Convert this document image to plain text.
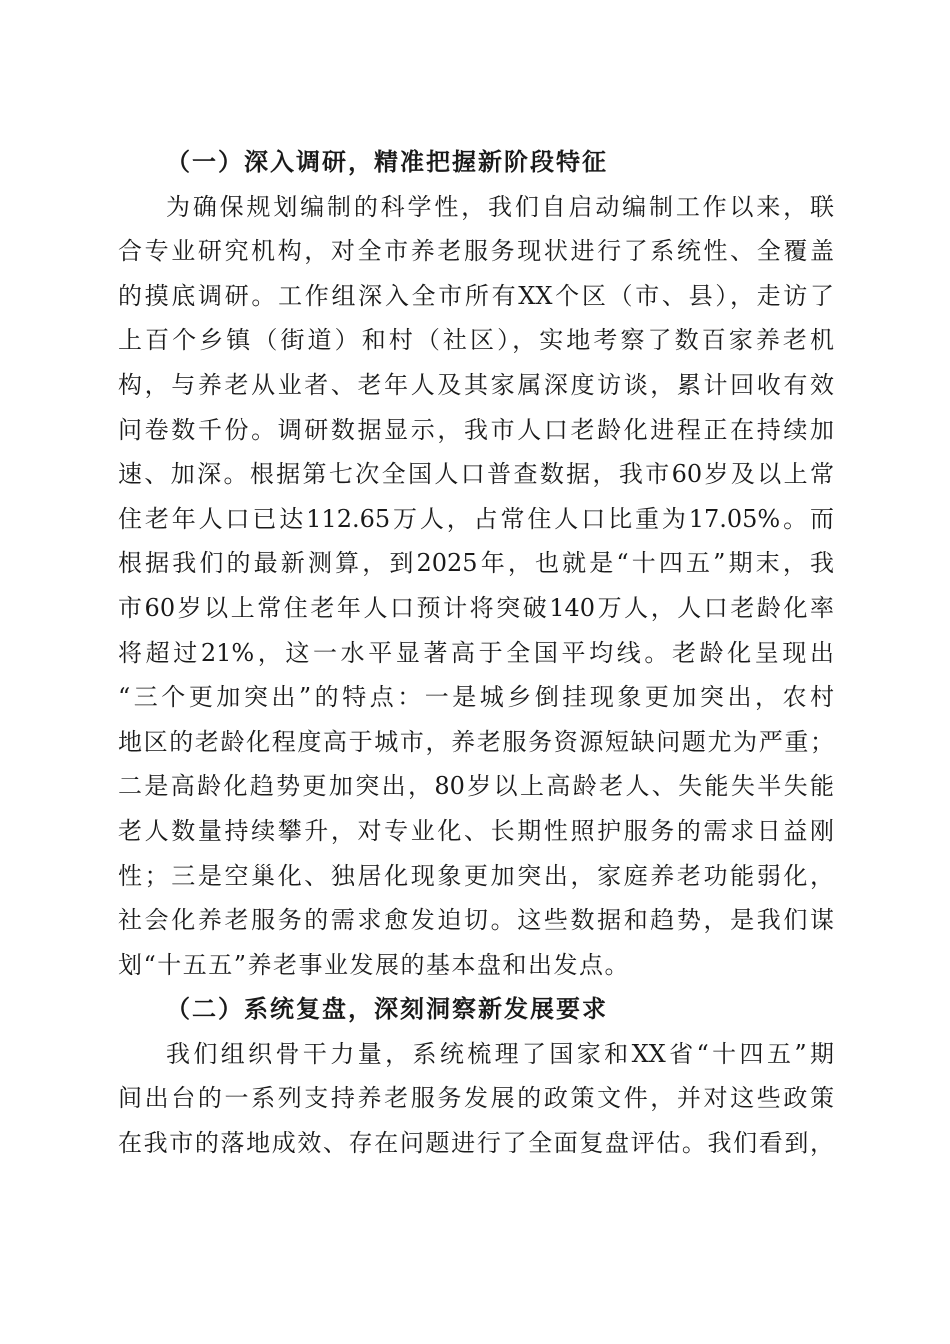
（一）深入调研，精准把握新阶段特征
为确保规划编制的科学性，我们自启动编制工作以来，联
合专业研究机构，对全市养老服务现状进行了系统性、全覆盖
的摸底调研。工作组深入全市所有XX个区（市、县），走访了
上百个乡镇（街道）和村（社区），实地考察了数百家养老机
构，与养老从业者、老年人及其家属深度访谈，累计回收有效
问卷数千份。调研数据显示，我市人口老龄化进程正在持续加
速、加深。根据第七次全国人口普查数据，我市60岁及以上常
住老年人口已达112.65万人，占常住人口比重为17.05%。而
根据我们的最新测算，到2025年，也就是“十四五”期末，我
市60岁以上常住老年人口预计将突破140万人，人口老龄化率
将超过21%，这一水平显著高于全国平均线。老龄化呈现出
“三个更加突出”的特点：一是城乡倒挂现象更加突出，农村
地区的老龄化程度高于城市，养老服务资源短缺问题尤为严重；
二是高龄化趋势更加突出，80岁以上高龄老人、失能失半失能
老人数量持续攀升，对专业化、长期性照护服务的需求日益刚
性；三是空巢化、独居化现象更加突出，家庭养老功能弱化，
社会化养老服务的需求愈发迫切。这些数据和趋势，是我们谋
划“十五五”养老事业发展的基本盘和出发点。
（二）系统复盘，深刻洞察新发展要求
我们组织骨干力量，系统梳理了国家和XX省“十四五”期
间出台的一系列支持养老服务发展的政策文件，并对这些政策
在我市的落地成效、存在问题进行了全面复盘评估。我们看到，
